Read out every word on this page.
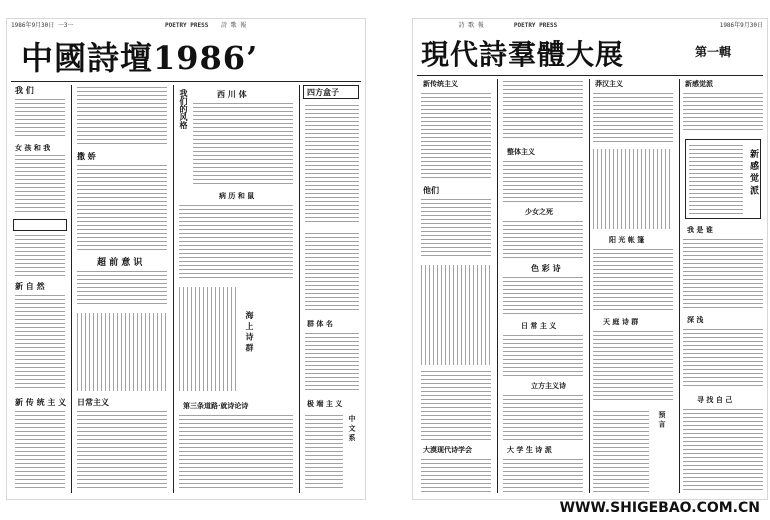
1986年9月30日 一3一	POETRY PRESS 詩 歌 報
中國詩壇1986’
我 们
女 孩 和 我
新 自 然
新 传 统 主 义
撒 娇
超 前 意 识
日常主义
我们的风格	西 川 体
病 历 和 鼠
海 上 诗 群
第三条道路·就诗论诗
四方盒子
群 体 名
极 端 主 义
中 文 系
詩 歌 報	POETRY PRESS	1986年9月30日
現代詩羣體大展	第一輯
新传统主义
他们
大漠现代诗学会
整体主义
少女之死
色 彩 诗
日 常 主 义
立方主义诗
大 学 生 诗 派
莽汉主义
阳 光 帐 篷
天 庭 诗 群
预 言
新感觉派
新 感 觉 派
我 是 谁
深 浅
寻 找 自 己
WWW.SHIGEBAO.COM.CN
